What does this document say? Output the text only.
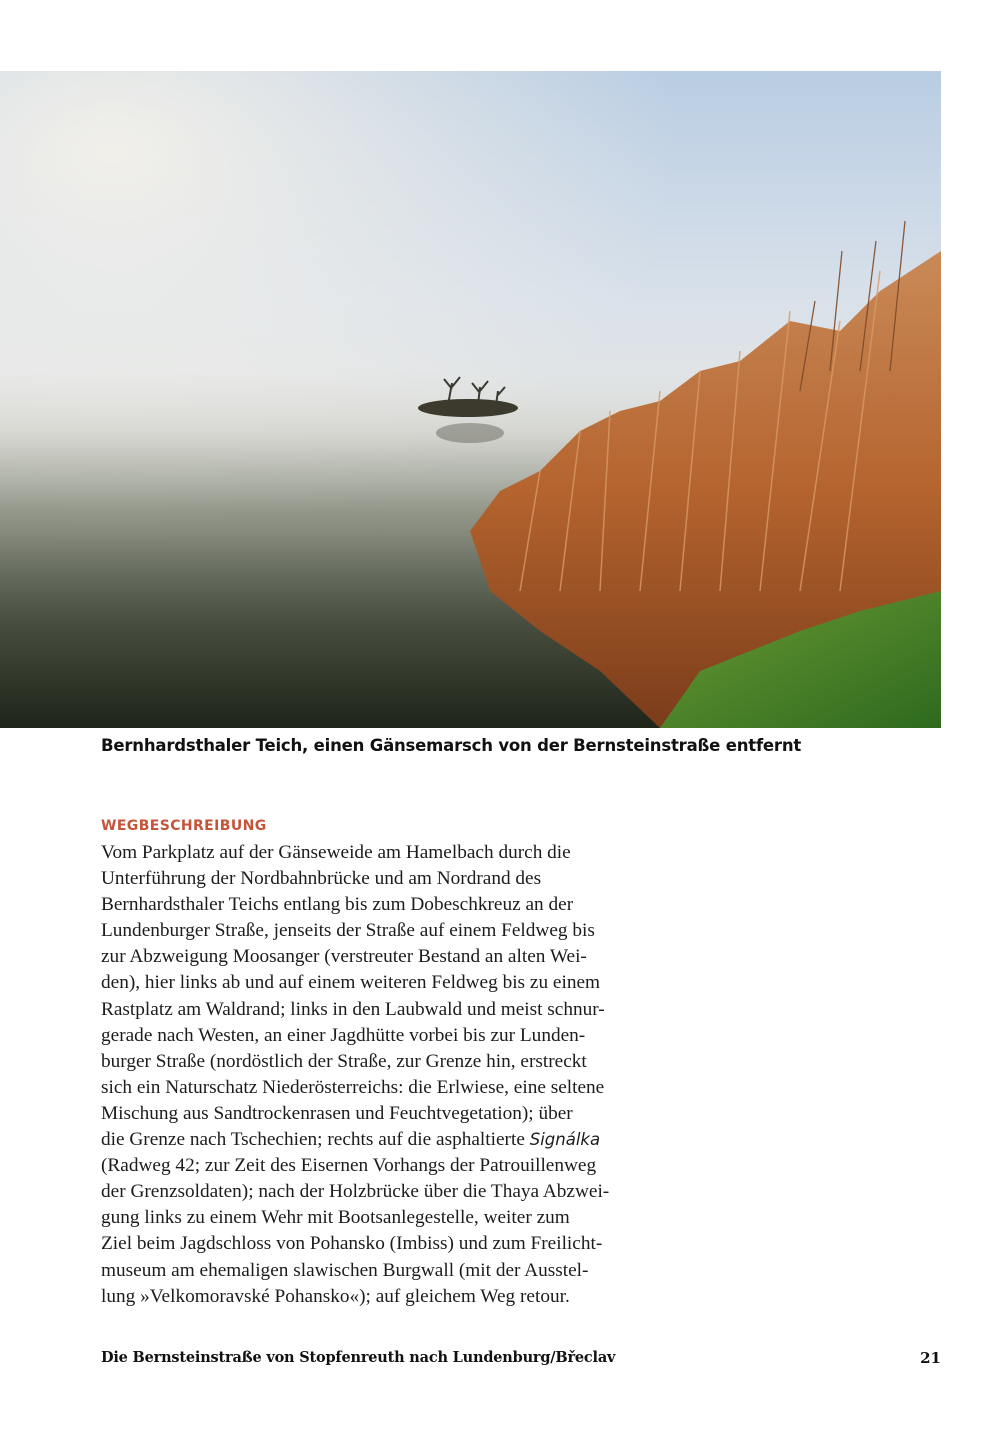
Bernhardsthaler Teich, einen Gänsemarsch von der Bernsteinstraße entfernt
WEGBESCHREIBUNG
Vom Parkplatz auf der Gänseweide am Hamelbach durch die
Unterführung der Nordbahnbrücke und am Nordrand des
Bernhardsthaler Teichs entlang bis zum Dobeschkreuz an der
Lundenburger Straße, jenseits der Straße auf einem Feldweg bis
zur Abzweigung Moosanger (verstreuter Bestand an alten Wei-
den), hier links ab und auf einem weiteren Feldweg bis zu einem
Rastplatz am Waldrand; links in den Laubwald und meist schnur-
gerade nach Westen, an einer Jagdhütte vorbei bis zur Lunden-
burger Straße (nordöstlich der Straße, zur Grenze hin, erstreckt
sich ein Naturschatz Niederösterreichs: die Erlwiese, eine seltene
Mischung aus Sandtrockenrasen und Feuchtvegetation); über
die Grenze nach Tschechien; rechts auf die asphaltierte Signálka
(Radweg 42; zur Zeit des Eisernen Vorhangs der Patrouillenweg
der Grenzsoldaten); nach der Holzbrücke über die Thaya Abzwei-
gung links zu einem Wehr mit Bootsanlegestelle, weiter zum
Ziel beim Jagdschloss von Pohansko (Imbiss) und zum Freilicht-
museum am ehemaligen slawischen Burgwall (mit der Ausstel-
lung »Velkomoravské Pohansko«); auf gleichem Weg retour.
Die Bernsteinstraße von Stopfenreuth nach Lundenburg/Břeclav	21
